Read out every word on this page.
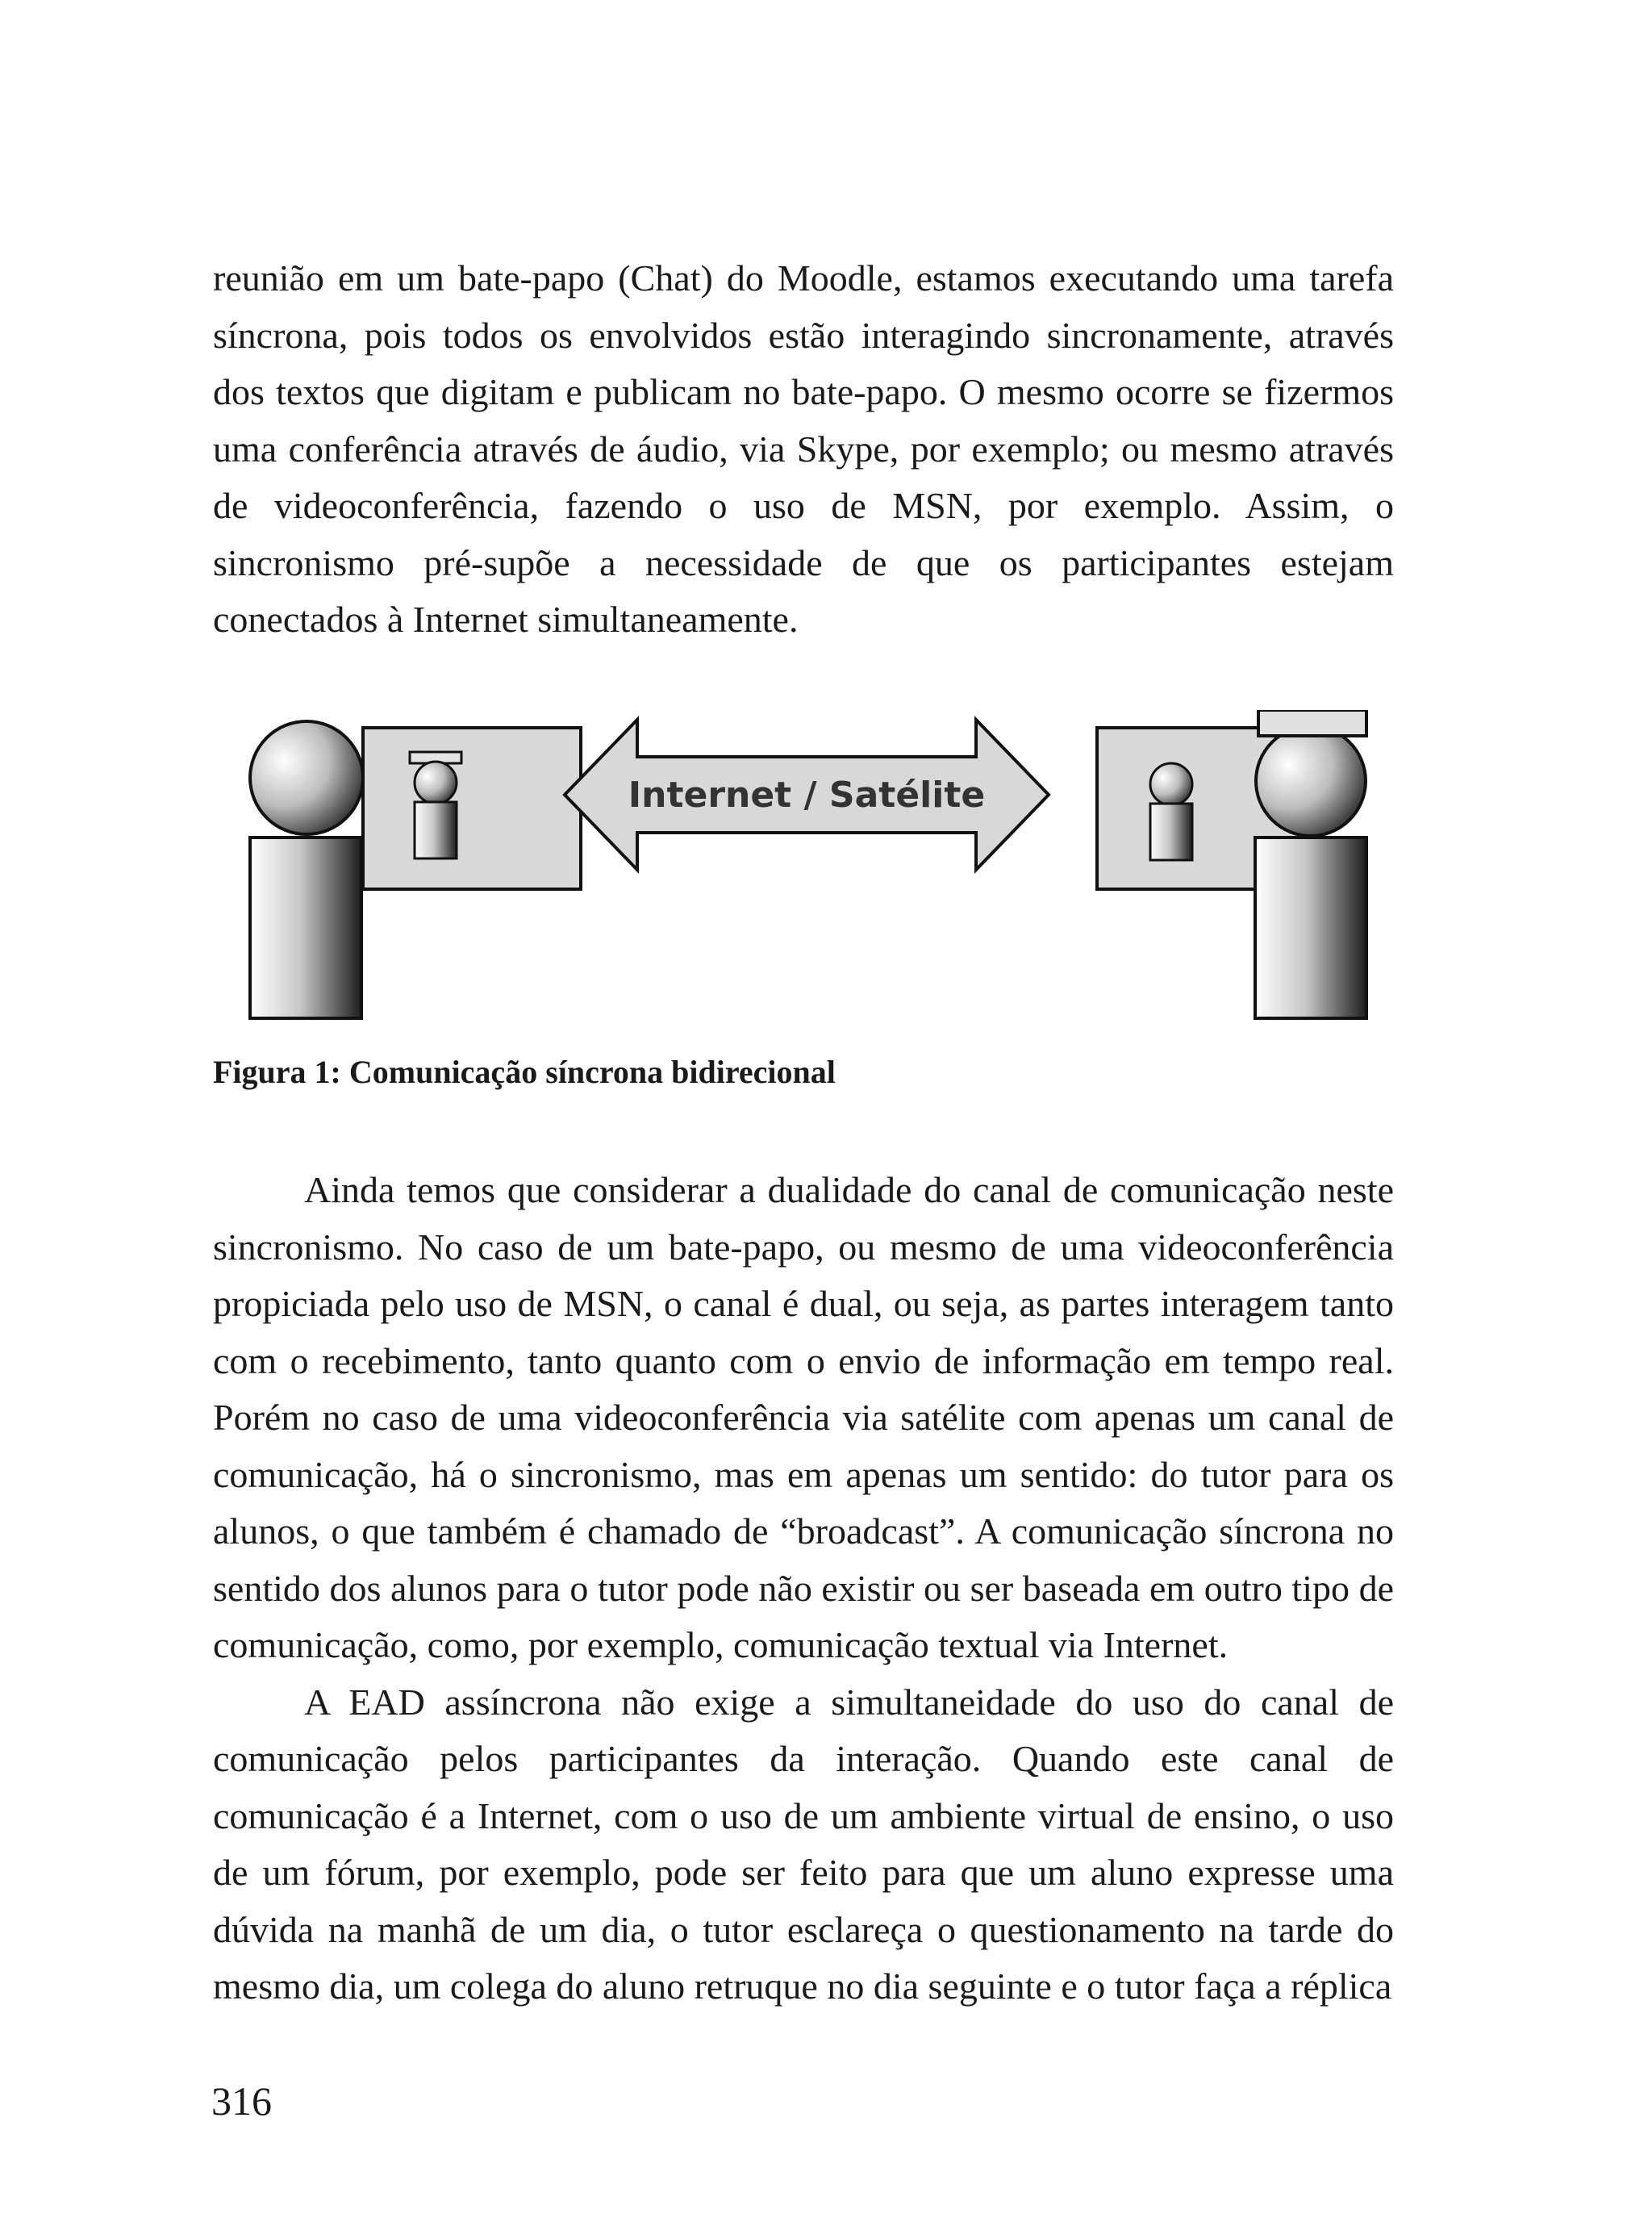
reunião em um bate-papo (Chat) do Moodle, estamos executando uma tarefa síncrona, pois todos os envolvidos estão interagindo sincronamente, através dos textos que digitam e publicam no bate-papo. O mesmo ocorre se fizermos uma conferência através de áudio, via Skype, por exemplo; ou mesmo através de videoconferência, fazendo o uso de MSN, por exemplo. Assim, o sincronismo pré-supõe a necessidade de que os participantes estejam conectados à Internet simultaneamente.

Internet / Satélite

Figura 1: Comunicação síncrona bidirecional

Ainda temos que considerar a dualidade do canal de comunicação neste sincronismo. No caso de um bate-papo, ou mesmo de uma videoconferência propiciada pelo uso de MSN, o canal é dual, ou seja, as partes interagem tanto com o recebimento, tanto quanto com o envio de informação em tempo real. Porém no caso de uma videoconferência via satélite com apenas um canal de comunicação, há o sincronismo, mas em apenas um sentido: do tutor para os alunos, o que também é chamado de “broadcast”. A comunicação síncrona no sentido dos alunos para o tutor pode não existir ou ser baseada em outro tipo de comunicação, como, por exemplo, comunicação textual via Internet.

A EAD assíncrona não exige a simultaneidade do uso do canal de comunicação pelos participantes da interação. Quando este canal de comunicação é a Internet, com o uso de um ambiente virtual de ensino, o uso de um fórum, por exemplo, pode ser feito para que um aluno expresse uma dúvida na manhã de um dia, o tutor esclareça o questionamento na tarde do mesmo dia, um colega do aluno retruque no dia seguinte e o tutor faça a réplica

316
